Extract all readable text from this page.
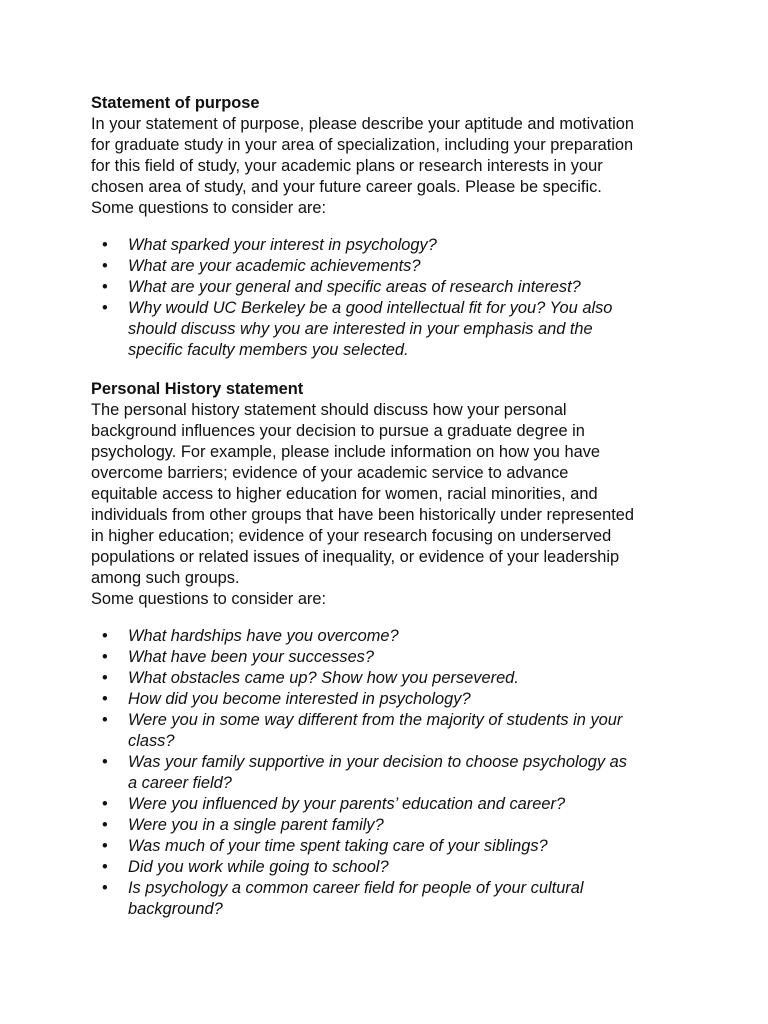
Statement of purpose

In your statement of purpose, please describe your aptitude and motivation
for graduate study in your area of specialization, including your preparation
for this field of study, your academic plans or research interests in your
chosen area of study, and your future career goals. Please be specific.
Some questions to consider are:

• What sparked your interest in psychology?
• What are your academic achievements?
• What are your general and specific areas of research interest?
• Why would UC Berkeley be a good intellectual fit for you? You also
should discuss why you are interested in your emphasis and the
specific faculty members you selected.

Personal History statement

The personal history statement should discuss how your personal
background influences your decision to pursue a graduate degree in
psychology. For example, please include information on how you have
overcome barriers; evidence of your academic service to advance
equitable access to higher education for women, racial minorities, and
individuals from other groups that have been historically under represented
in higher education; evidence of your research focusing on underserved
populations or related issues of inequality, or evidence of your leadership
among such groups.
Some questions to consider are:

• What hardships have you overcome?
• What have been your successes?
• What obstacles came up? Show how you persevered.
• How did you become interested in psychology?
• Were you in some way different from the majority of students in your
class?
• Was your family supportive in your decision to choose psychology as
a career field?
• Were you influenced by your parents’ education and career?
• Were you in a single parent family?
• Was much of your time spent taking care of your siblings?
• Did you work while going to school?
• Is psychology a common career field for people of your cultural
background?
